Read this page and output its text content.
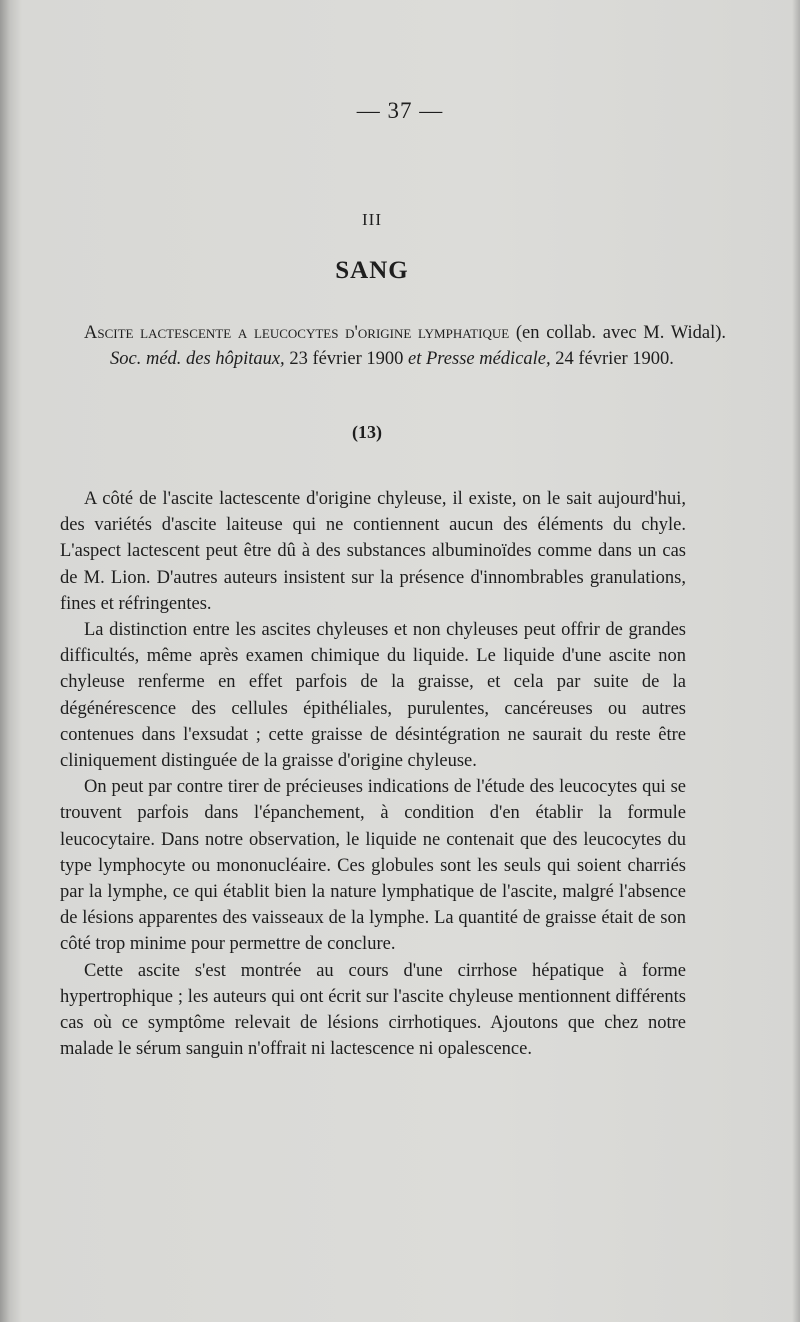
— 37 —
III
SANG

Ascite lactescente a leucocytes d'origine lymphatique (en collab. avec M. Widal). Soc. méd. des hôpitaux, 23 février 1900 et Presse médicale, 24 février 1900.

(13)

A côté de l'ascite lactescente d'origine chyleuse, il existe, on le sait aujourd'hui, des variétés d'ascite laiteuse qui ne contiennent aucun des éléments du chyle. L'aspect lactescent peut être dû à des substances albuminoïdes comme dans un cas de M. Lion. D'autres auteurs insistent sur la présence d'innombrables granulations, fines et réfringentes.

La distinction entre les ascites chyleuses et non chyleuses peut offrir de grandes difficultés, même après examen chimique du liquide. Le liquide d'une ascite non chyleuse renferme en effet parfois de la graisse, et cela par suite de la dégénérescence des cellules épithéliales, purulentes, cancéreuses ou autres contenues dans l'exsudat ; cette graisse de désintégration ne saurait du reste être cliniquement distinguée de la graisse d'origine chyleuse.

On peut par contre tirer de précieuses indications de l'étude des leucocytes qui se trouvent parfois dans l'épanchement, à condition d'en établir la formule leucocytaire. Dans notre observation, le liquide ne contenait que des leucocytes du type lymphocyte ou mononucléaire. Ces globules sont les seuls qui soient charriés par la lymphe, ce qui établit bien la nature lymphatique de l'ascite, malgré l'absence de lésions apparentes des vaisseaux de la lymphe. La quantité de graisse était de son côté trop minime pour permettre de conclure.

Cette ascite s'est montrée au cours d'une cirrhose hépatique à forme hypertrophique ; les auteurs qui ont écrit sur l'ascite chyleuse mentionnent différents cas où ce symptôme relevait de lésions cirrhotiques. Ajoutons que chez notre malade le sérum sanguin n'offrait ni lactescence ni opalescence.
